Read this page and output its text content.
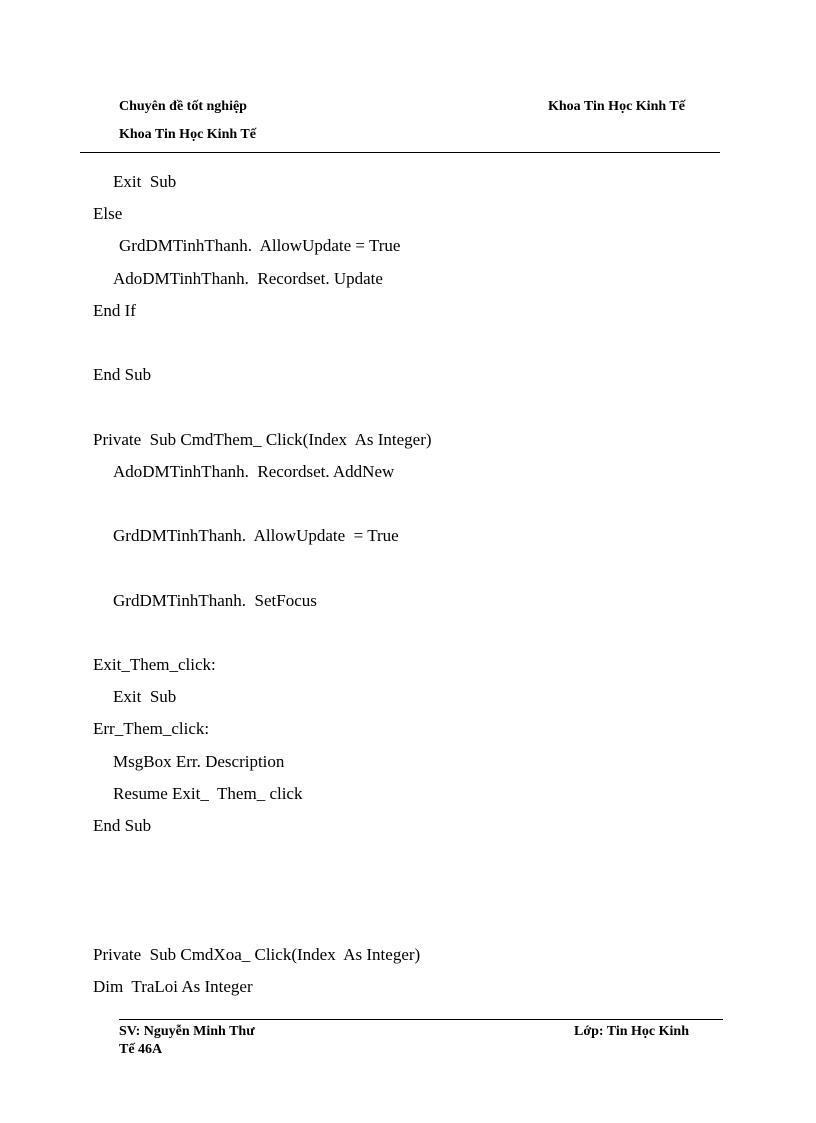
Chuyên đề tốt nghiệp	Khoa Tin Học Kinh Tế
Khoa Tin Học Kinh Tế
Exit  Sub
Else
GrdDMTinhThanh.  AllowUpdate = True
AdoDMTinhThanh.  Recordset. Update
End If
End Sub
Private  Sub CmdThem_ Click(Index  As Integer)
AdoDMTinhThanh.  Recordset. AddNew
GrdDMTinhThanh.  AllowUpdate  = True
GrdDMTinhThanh.  SetFocus
Exit_Them_click:
Exit  Sub
Err_Them_click:
MsgBox Err. Description
Resume Exit_  Them_ click
End Sub
Private  Sub CmdXoa_ Click(Index  As Integer)
Dim  TraLoi As Integer
SV: Nguyễn Minh Thư	Lớp: Tin Học Kinh
Tế 46A
